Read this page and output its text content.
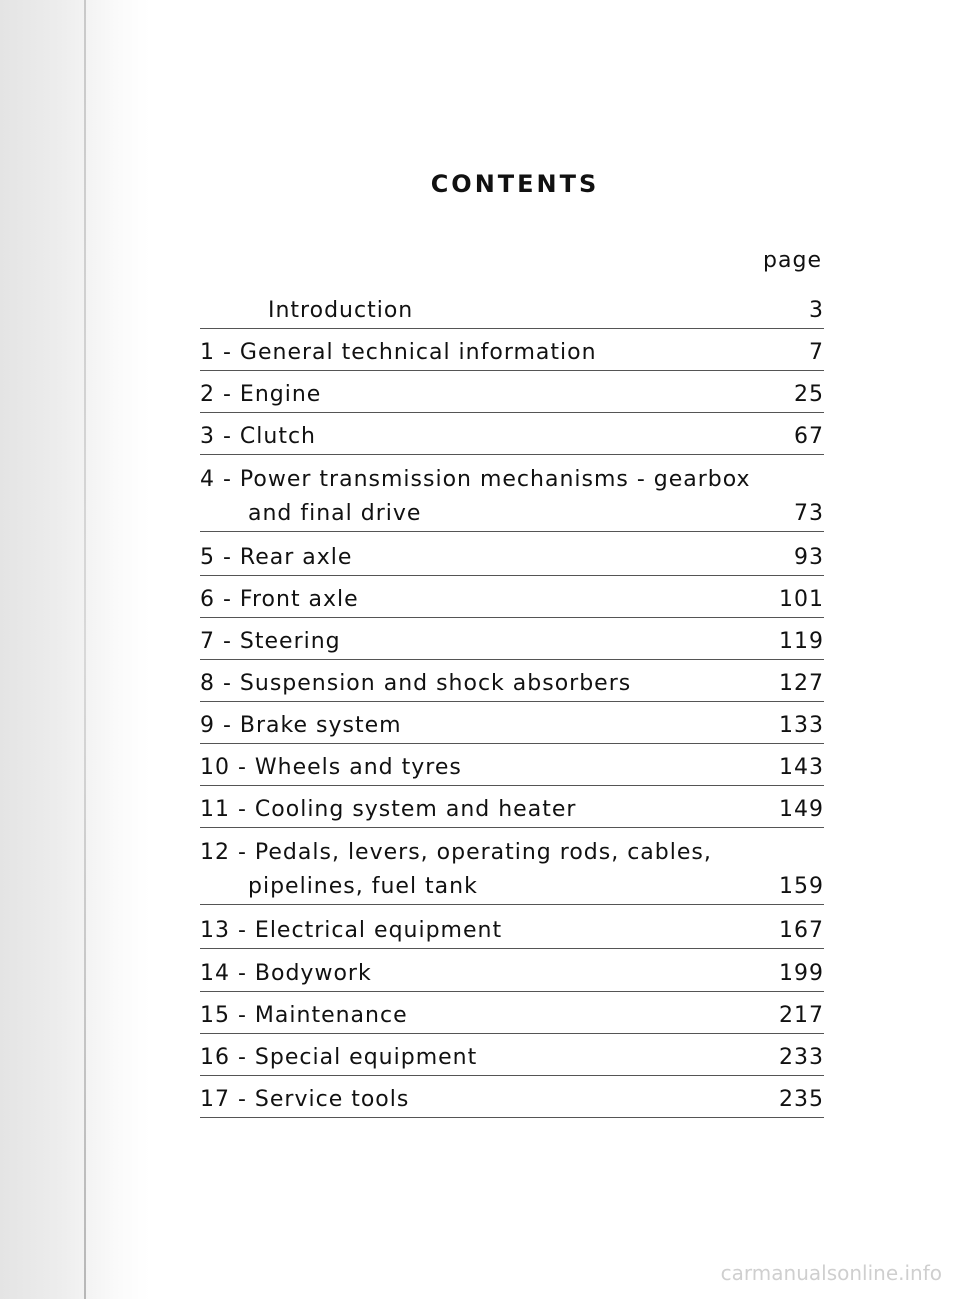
CONTENTS
page
Introduction	3
1 - General technical information	7
2 - Engine	25
3 - Clutch	67
4 - Power transmission mechanisms - gearbox
and final drive	73
5 - Rear axle	93
6 - Front axle	101
7 - Steering	119
8 - Suspension and shock absorbers	127
9 - Brake system	133
10 - Wheels and tyres	143
11 - Cooling system and heater	149
12 - Pedals, levers, operating rods, cables,
pipelines, fuel tank	159
13 - Electrical equipment	167
14 - Bodywork	199
15 - Maintenance	217
16 - Special equipment	233
17 - Service tools	235
carmanualsonline.info
